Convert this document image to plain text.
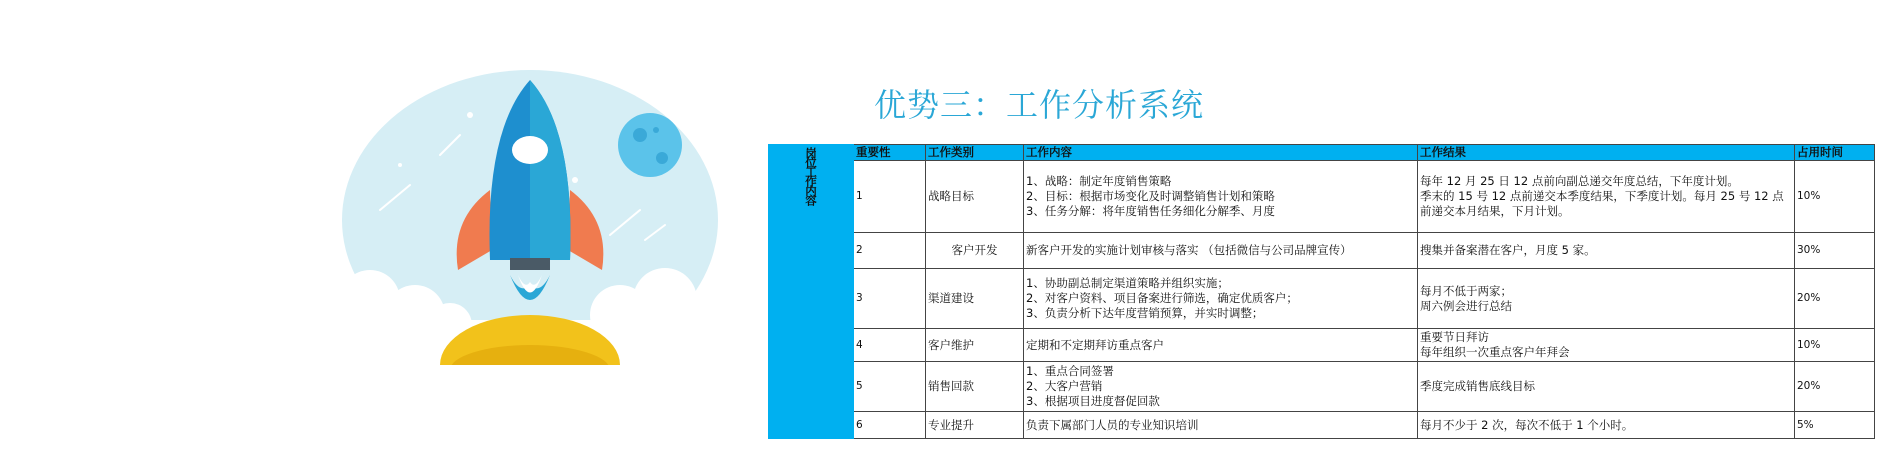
优势三：工作分析系统
岗位工作内容	重要性	工作类别	工作内容	工作结果	占用时间
	1	战略目标	1、战略：制定年度销售策略
2、目标：根据市场变化及时调整销售计划和策略
3、任务分解：将年度销售任务细化分解季、月度	每年 12 月 25 日 12 点前向副总递交年度总结，下年度计划。
季末的 15 号 12 点前递交本季度结果，下季度计划。每月 25 号 12 点前递交本月结果，下月计划。	10%
	2	客户开发	新客户开发的实施计划审核与落实 （包括微信与公司品牌宣传）	搜集并备案潜在客户，月度 5 家。	30%
	3	渠道建设	1、协助副总制定渠道策略并组织实施；
2、对客户资料、项目备案进行筛选，确定优质客户；
3、负责分析下达年度营销预算，并实时调整；	每月不低于两家；
周六例会进行总结	20%
	4	客户维护	定期和不定期拜访重点客户	重要节日拜访
每年组织一次重点客户年拜会	10%
	5	销售回款	1、重点合同签署
2、大客户营销
3、根据项目进度督促回款	季度完成销售底线目标	20%
	6	专业提升	负责下属部门人员的专业知识培训	每月不少于 2 次，每次不低于 1 个小时。	5%
